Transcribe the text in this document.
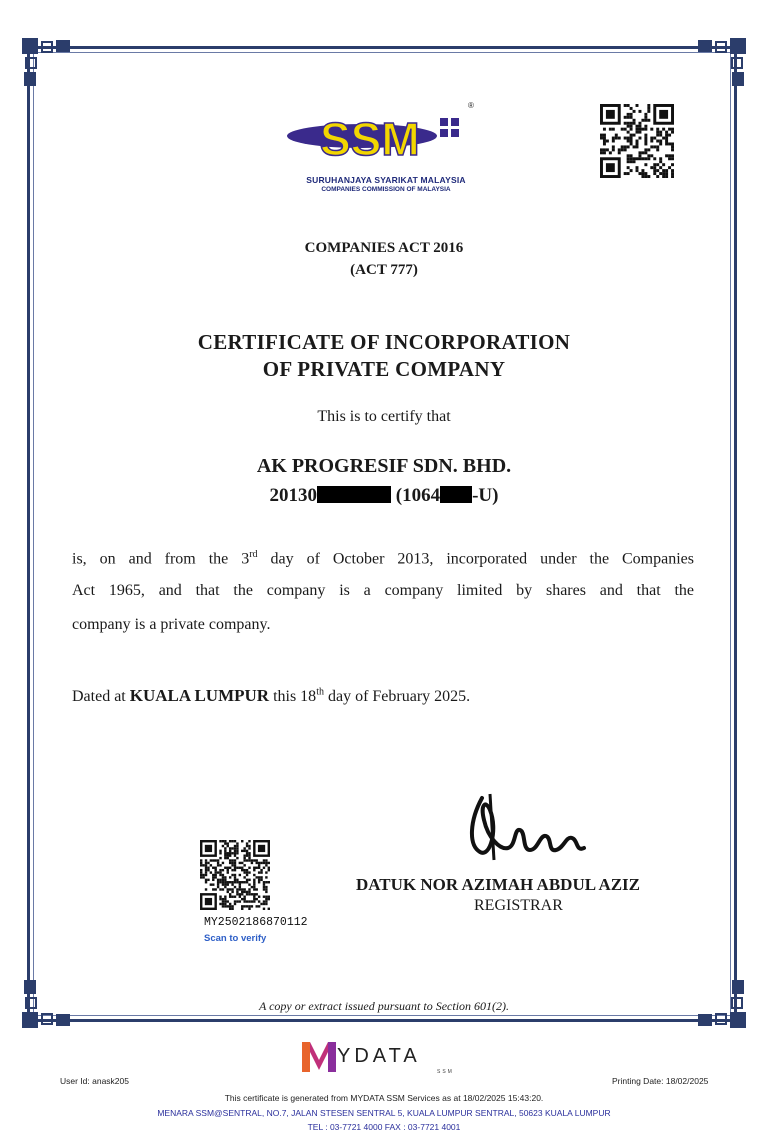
SSM
®
SURUHANJAYA SYARIKAT MALAYSIA
COMPANIES COMMISSION OF MALAYSIA
COMPANIES ACT 2016
(ACT 777)
CERTIFICATE OF INCORPORATION
OF PRIVATE COMPANY
This is to certify that
AK PROGRESIF SDN. BHD.
20130	(1064 -U)
is, on and from the 3rd day of October 2013, incorporated under the Companies
Act 1965, and that the company is a company limited by shares and that the
company is a private company.
Dated at KUALA LUMPUR this 18th day of February 2025.
MY2502186870112
Scan to verify
DATUK NOR AZIMAH ABDUL AZIZ
REGISTRAR
A copy or extract issued pursuant to Section 601(2).
YDATA
SSM
User Id: anask205	Printing Date: 18/02/2025
This certificate is generated from MYDATA SSM Services as at 18/02/2025 15:43:20.
MENARA SSM@SENTRAL, NO.7, JALAN STESEN SENTRAL 5, KUALA LUMPUR SENTRAL, 50623 KUALA LUMPUR
TEL : 03-7721 4000 FAX : 03-7721 4001
